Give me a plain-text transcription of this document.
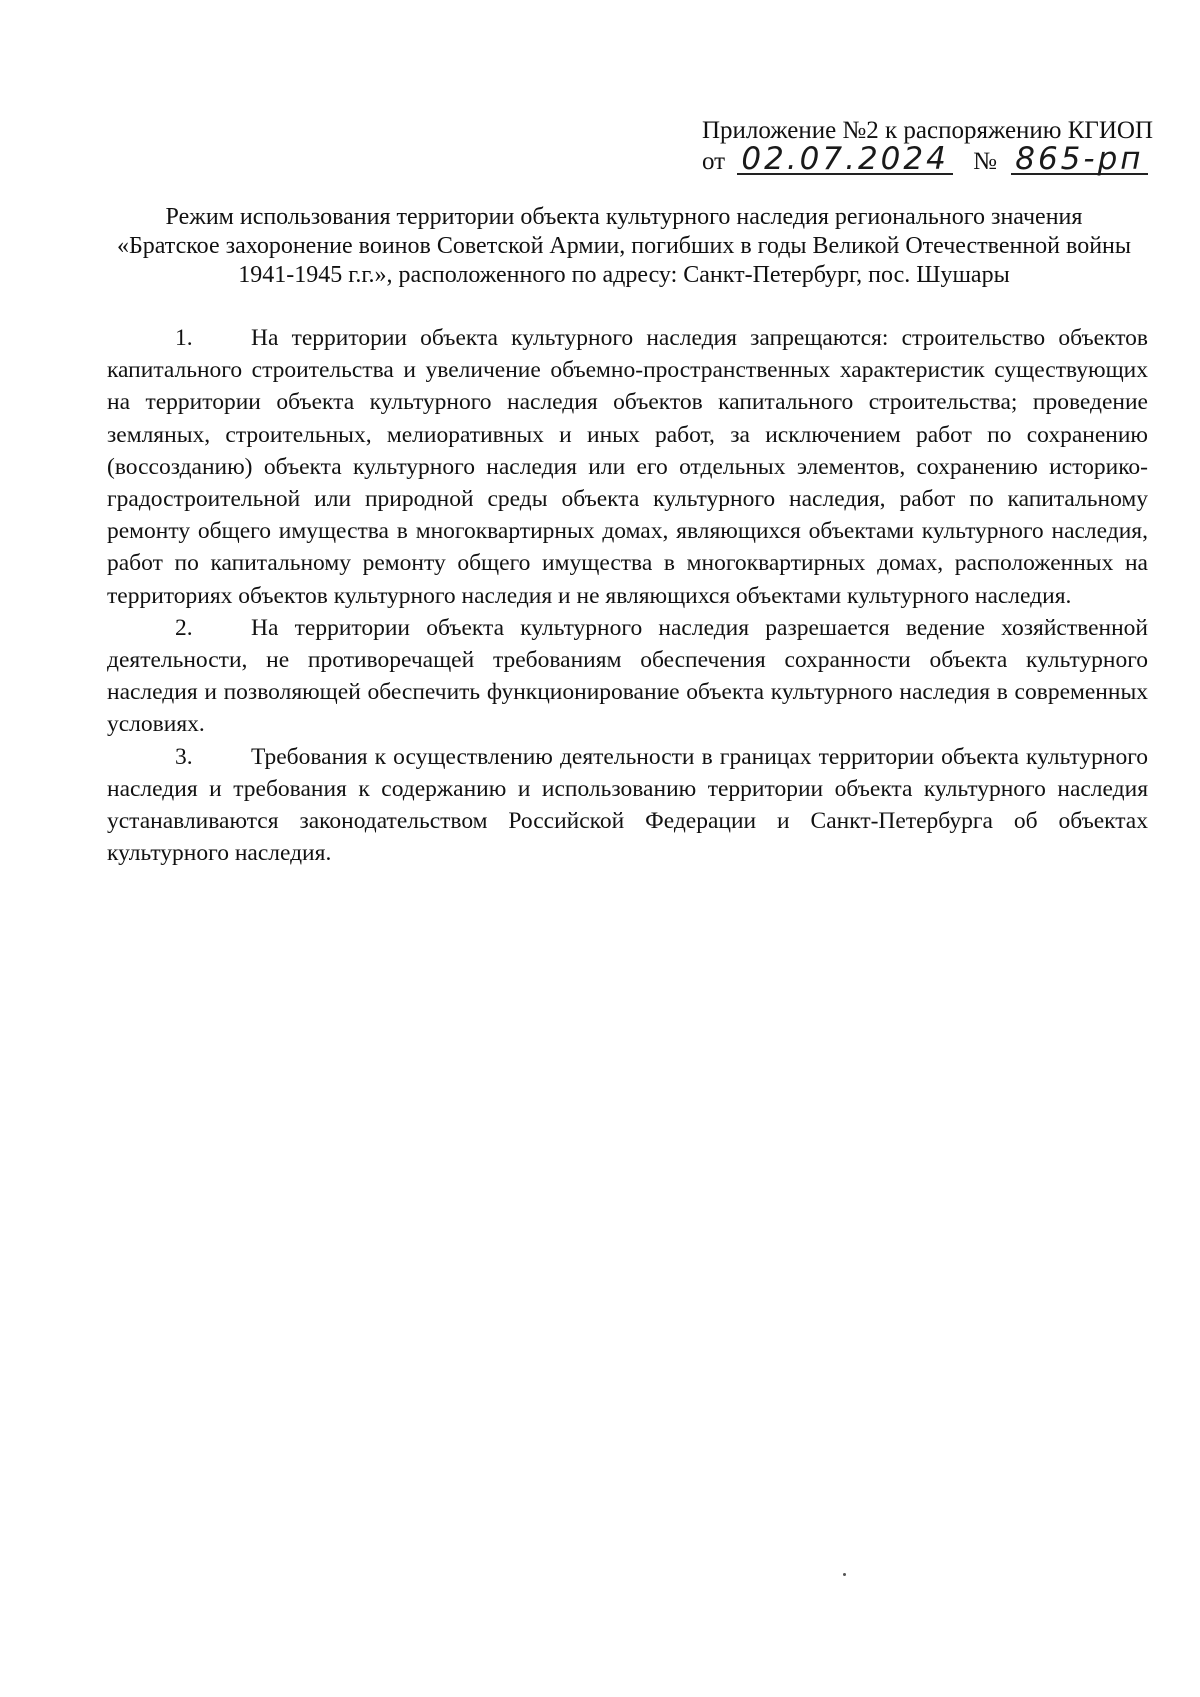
Приложение №2 к распоряжению КГИОП
от 02.07.2024 № 865-рп
Режим использования территории объекта культурного наследия регионального значения
«Братское захоронение воинов Советской Армии, погибших в годы Великой Отечественной войны
1941-1945 г.г.», расположенного по адресу: Санкт-Петербург, пос. Шушары

1. На территории объекта культурного наследия запрещаются: строительство объектов капитального строительства и увеличение объемно-пространственных характеристик существующих на территории объекта культурного наследия объектов капитального строительства; проведение земляных, строительных, мелиоративных и иных работ, за исключением работ по сохранению (воссозданию) объекта культурного наследия или его отдельных элементов, сохранению историко-градостроительной или природной среды объекта культурного наследия, работ по капитальному ремонту общего имущества в многоквартирных домах, являющихся объектами культурного наследия, работ по капитальному ремонту общего имущества в многоквартирных домах, расположенных на территориях объектов культурного наследия и не являющихся объектами культурного наследия.

2. На территории объекта культурного наследия разрешается ведение хозяйственной деятельности, не противоречащей требованиям обеспечения сохранности объекта культурного наследия и позволяющей обеспечить функционирование объекта культурного наследия в современных условиях.

3. Требования к осуществлению деятельности в границах территории объекта культурного наследия и требования к содержанию и использованию территории объекта культурного наследия устанавливаются законодательством Российской Федерации и Санкт-Петербурга об объектах культурного наследия.
